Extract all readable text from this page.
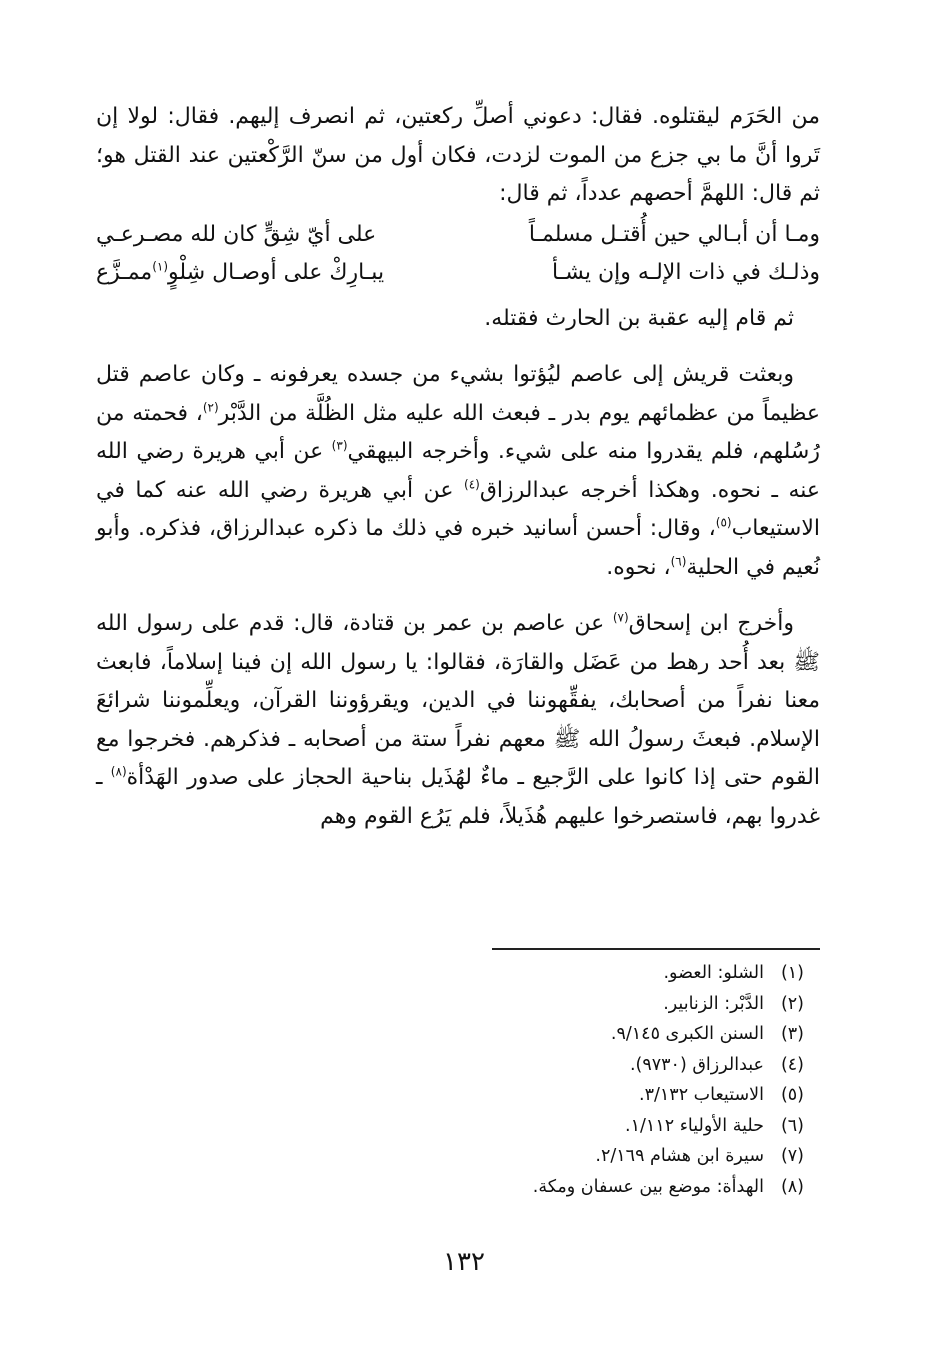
من الحَرَم ليقتلوه. فقال: دعوني أصلِّ ركعتين، ثم انصرف إليهم. فقال: لولا إن تَروا أنَّ ما بي جزع من الموت لزدت، فكان أول من سنّ الرَّكْعتين عند القتل هو؛ ثم قال: اللهمَّ أحصهم عدداً، ثم قال:

ومـا أن أبـالي حين أُقتـل مسلمـاً
على أيّ شِقٍّ كان لله مصـرعـي
وذلـك في ذات الإلـه وإن يشـأ
يبـارِكْ على أوصـال شِلْوٍ$^{(١)}$ممـزَّع

ثم قام إليه عقبة بن الحارث فقتله.

وبعثت قريش إلى عاصم ليُؤتوا بشيء من جسده يعرفونه ـ وكان عاصم قتل عظيماً من عظمائهم يوم بدر ـ فبعث الله عليه مثل الظُلَّة من الدَّبْر$^{(٢)}$، فحمته من رُسُلهم، فلم يقدروا منه على شيء. وأخرجه البيهقي$^{(٣)}$ عن أبي هريرة رضي الله عنه ـ نحوه. وهكذا أخرجه عبدالرزاق$^{(٤)}$ عن أبي هريرة رضي الله عنه كما في الاستيعاب$^{(٥)}$، وقال: أحسن أسانيد خبره في ذلك ما ذكره عبدالرزاق، فذكره. وأبو نُعيم في الحلية$^{(٦)}$، نحوه.

وأخرج ابن إسحاق$^{(٧)}$ عن عاصم بن عمر بن قتادة، قال: قدم على رسول الله ﷺ بعد أُحد رهط من عَضَل والقارَة، فقالوا: يا رسول الله إن فينا إسلاماً، فابعث معنا نفراً من أصحابك، يفقِّهوننا في الدين، ويقرؤوننا القرآن، ويعلِّموننا شرائعَ الإسلام. فبعثَ رسولُ الله ﷺ معهم نفراً ستة من أصحابه ـ فذكرهم. فخرجوا مع القوم حتى إذا كانوا على الرَّجيع ـ ماءٌ لهُذَيل بناحية الحجاز على صدور الهَدْأة$^{(٨)}$ ـ غدروا بهم، فاستصرخوا عليهم هُذَيلاً، فلم يَرُع القوم وهم

(١)
الشلو: العضو.
(٢)
الدَّبْر: الزنابير.
(٣)
السنن الكبرى ٩/١٤٥.
(٤)
عبدالرزاق (٩٧٣٠).
(٥)
الاستيعاب ٣/١٣٢.
(٦)
حلية الأولياء ١/١١٢.
(٧)
سيرة ابن هشام ٢/١٦٩.
(٨)
الهدأة: موضع بين عسفان ومكة.
١٣٢
